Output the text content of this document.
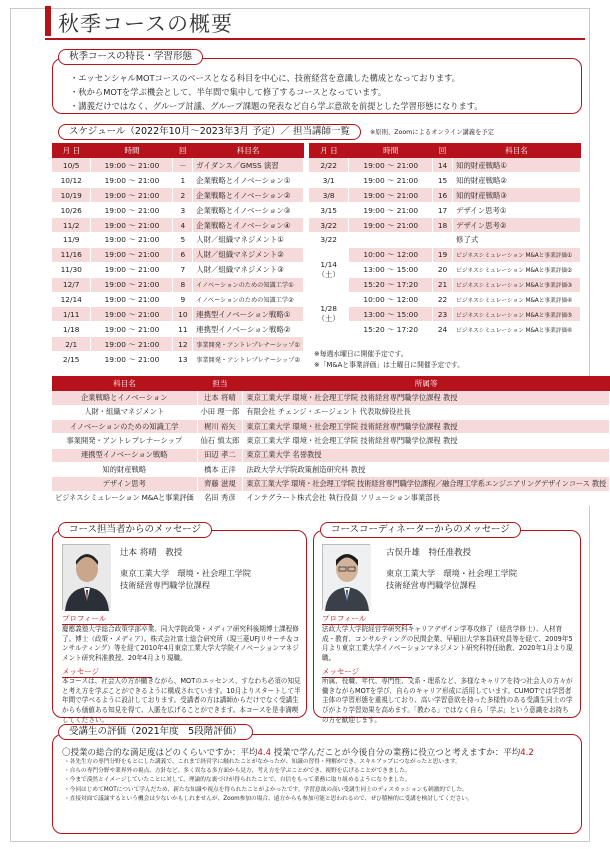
秋季コースの概要
秋季コースの特長・学習形態
・エッセンシャルMOTコースのベースとなる科目を中心に、技術経営を意識した構成となっております。
・秋からMOTを学ぶ機会として、半年間で集中して修了するコースとなっています。
・講義だけではなく、グループ討議、グループ課題の発表など自ら学ぶ意欲を前提とした学習形態になります。
スケジュール（2022年10月〜2023年3月 予定）／ 担当講師一覧	※原則、Zoomによるオンライン講義を予定
月 日	時間	回	科目名
10/5	19:00 〜 21:00	－	ガイダンス／GMSS 演習
10/12	19:00 〜 21:00	1	企業戦略とイノベーション①
10/19	19:00 〜 21:00	2	企業戦略とイノベーション②
10/26	19:00 〜 21:00	3	企業戦略とイノベーション③
11/2	19:00 〜 21:00	4	企業戦略とイノベーション④
11/9	19:00 〜 21:00	5	人財／組織マネジメント①
11/16	19:00 〜 21:00	6	人財／組織マネジメント②
11/30	19:00 〜 21:00	7	人財／組織マネジメント③
12/7	19:00 〜 21:00	8	イノベーションのための知識工学①
12/14	19:00 〜 21:00	9	イノベーションのための知識工学②
1/11	19:00 〜 21:00	10	連携型イノベーション戦略①
1/18	19:00 〜 21:00	11	連携型イノベーション戦略②
2/1	19:00 〜 21:00	12	事業開発・アントレプレナーシップ①
2/15	19:00 〜 21:00	13	事業開発・アントレプレナーシップ②
月 日	時間	回	科目名
2/22	19:00 〜 21:00	14	知的財産戦略①
3/1	19:00 〜 21:00	15	知的財産戦略②
3/8	19:00 〜 21:00	16	知的財産戦略③
3/15	19:00 〜 21:00	17	デザイン思考①
3/22	19:00 〜 21:00	18	デザイン思考②
3/22			修了式

1/14
（土）	10:00 〜 12:00	19	ビジネスシミュレーション M&Aと事業評価①
	13:00 〜 15:00	20	ビジネスシミュレーション M&Aと事業評価②
	15:20 〜 17:20	21	ビジネスシミュレーション M&Aと事業評価③

1/28
（土）	10:00 〜 12:00	22	ビジネスシミュレーション M&Aと事業評価④
	13:00 〜 15:00	23	ビジネスシミュレーション M&Aと事業評価⑤
	15:20 〜 17:20	24	ビジネスシミュレーション M&Aと事業評価⑥
※毎週水曜日に開催予定です。
※「M&Aと事業評価」は土曜日に開催予定です。
科目名	担当	所属等
企業戦略とイノベーション	辻本 将晴	東京工業大学 環境・社会理工学院 技術経営専門職学位課程 教授
人財・組織マネジメント	小田 理一郎	有限会社 チェンジ・エージェント 代表取締役社長
イノベーションのための知識工学	梶川 裕矢	東京工業大学 環境・社会理工学院 技術経営専門職学位課程 教授
事業開発・アントレプレナーシップ	仙石 慎太郎	東京工業大学 環境・社会理工学院 技術経営専門職学位課程 教授
連携型イノベーション戦略	田辺 孝二	東京工業大学 名誉教授
知的財産戦略	橋本 正洋	法政大学大学院政策創造研究科 教授
デザイン思考	齊藤 滋規	東京工業大学 環境・社会理工学院 技術経営専門職学位課程／融合理工学系エンジニアリングデザインコース 教授
ビジネスシミュレーション M&Aと事業評価	名田 秀彦	インテグラート株式会社 執行役員 ソリューション事業部長
コース担当者からのメッセージ
辻本 将晴　教授
東京工業大学　環境・社会理工学院
技術経営専門職学位課程
プロフィール
慶應義塾大学総合政策学部卒業、同大学院政策・メディア研究科後期博士課程修了。博士（政策・メディア）。株式会社富士総合研究所（現三菱UFJリサーチ＆コンサルティング）等を経て2010年4月東京工業大学大学院イノベーションマネジメント研究科准教授、20年4月より現職。
メッセージ
本コースは、社会人の方が働きながら、MOTのエッセンス、すなわち必須の知見と考え方を学ぶことができるように構成されています。10月よりスタートして半年間で学べるように設計しております。受講者の方は講師からだけでなく受講生からも価値ある知見を得て、人脈を広げることができます。本コースを是非満喫してください。
コースコーディネーターからのメッセージ
古俣升雄　特任准教授
東京工業大学　環境・社会理工学院
技術経営専門職学位課程
プロフィール
法政大学大学院経営学研究科キャリアデザイン学専攻修了（経営学修士）、人材育成・教育、コンサルティングの民間企業、早稲田大学客員研究員等を経て、2009年5月より東京工業大学イノベーションマネジメント研究科特任助教、2020年1月より現職。
メッセージ
所属、役職、年代、専門性、文系・理系など、多様なキャリアを持つ社会人の方々が働きながらMOTを学び、自らのキャリア形成に活用しています。CUMOTでは学習者主体の学習形態を重視しており、高い学習意欲を持った多様性のある受講生同士の学びがより学習効果を高めます。「教わる」ではなく自ら「学ぶ」という意識をお持ちの方を歓迎します。
受講生の評価（2021年度　5段階評価）
〇授業の総合的な満足度はどのくらいですか：平均4.4 授業で学んだことが今後自分の業務に役立つと考えますか：平均4.2
・各先生方の専門分野をもとにした講義で、これまで経営学に触れたことがなかったが、知識の習得・理解ができ、スキルアップにつながったと思います。
・自らの専門分野や業界外の視点、方針など、多く異なる多方面から見方、考え方を学ぶことができ、視野を広げることができました。
・今まで漠然とイメージしていたことに対して、理論的な裏づけが得られたことで、自信をもって業務に取り組めるようになりました。
・今回はじめてMOTについて学んだため、新たな知識や視点を得られたことがよかったです。学習意欲の高い受講生同士のディスカッションも刺激的でした。
・直接対面で議論するという機会は少ないかもしれませんが、Zoom参加の場合、遠方からも参加可能と思われるので、ぜひ積極的に受講を検討してください。
